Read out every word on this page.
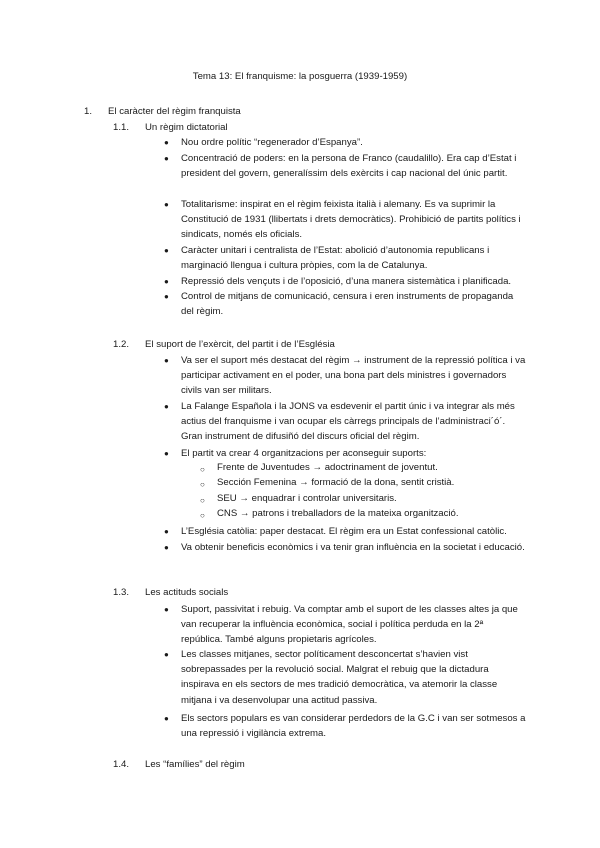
Tema 13: El franquisme: la posguerra (1939-1959)
1. El caràcter del règim franquista
1.1. Un règim dictatorial
●	Nou ordre polític “regenerador d’Espanya”.
●	Concentració de poders: en la persona de Franco (caudalillo). Era cap d’Estat i president del govern, generalíssim dels exèrcits i cap nacional del únic partit.
●	Totalitarisme: inspirat en el règim feixista italià i alemany. Es va suprimir la Constitució de 1931 (llibertats i drets democràtics). Prohibició de partits polítics i sindicats, només els oficials.
●	Caràcter unitari i centralista de l’Estat: abolició d’autonomia republicans i marginació llengua i cultura pròpies, com la de Catalunya.
●	Repressió dels vençuts i de l’oposició, d’una manera sistemàtica i planificada.
●	Control de mitjans de comunicació, censura i eren instruments de propaganda del règim.
1.2. El suport de l’exèrcit, del partit i de l’Església
●	Va ser el suport més destacat del règim → instrument de la repressió política i va participar activament en el poder, una bona part dels ministres i governadors civils van ser militars.
●	La Falange Española i la JONS va esdevenir el partit únic i va integrar als més actius del franquisme i van ocupar els càrregs principals de l’administraci´ó´. Gran instrument de difusiñó del discurs oficial del règim.
●	El partit va crear 4 organitzacions per aconseguir suports:
○ Frente de Juventudes → adoctrinament de joventut.
○ Sección Femenina → formació de la dona, sentit cristià.
○ SEU → enquadrar i controlar universitaris.
○ CNS → patrons i treballadors de la mateixa organització.
●	L’Església catòlia: paper destacat. El règim era un Estat confessional catòlic.
●	Va obtenir beneficis econòmics i va tenir gran influència en la societat i educació.
1.3. Les actituds socials
●	Suport, passivitat i rebuig. Va comptar amb el suport de les classes altes ja que van recuperar la influència econòmica, social i política perduda en la 2ª república. També alguns propietaris agrícoles.
●	Les classes mitjanes, sector políticament desconcertat s’havien vist sobrepassades per la revolució social. Malgrat el rebuig que la dictadura inspirava en els sectors de mes tradició democràtica, va atemorir la classe mitjana i va desenvolupar una actitud passiva.
●	Els sectors populars es van considerar perdedors de la G.C i van ser sotmesos a una repressió i vigilància extrema.
1.4. Les “famílies” del règim
